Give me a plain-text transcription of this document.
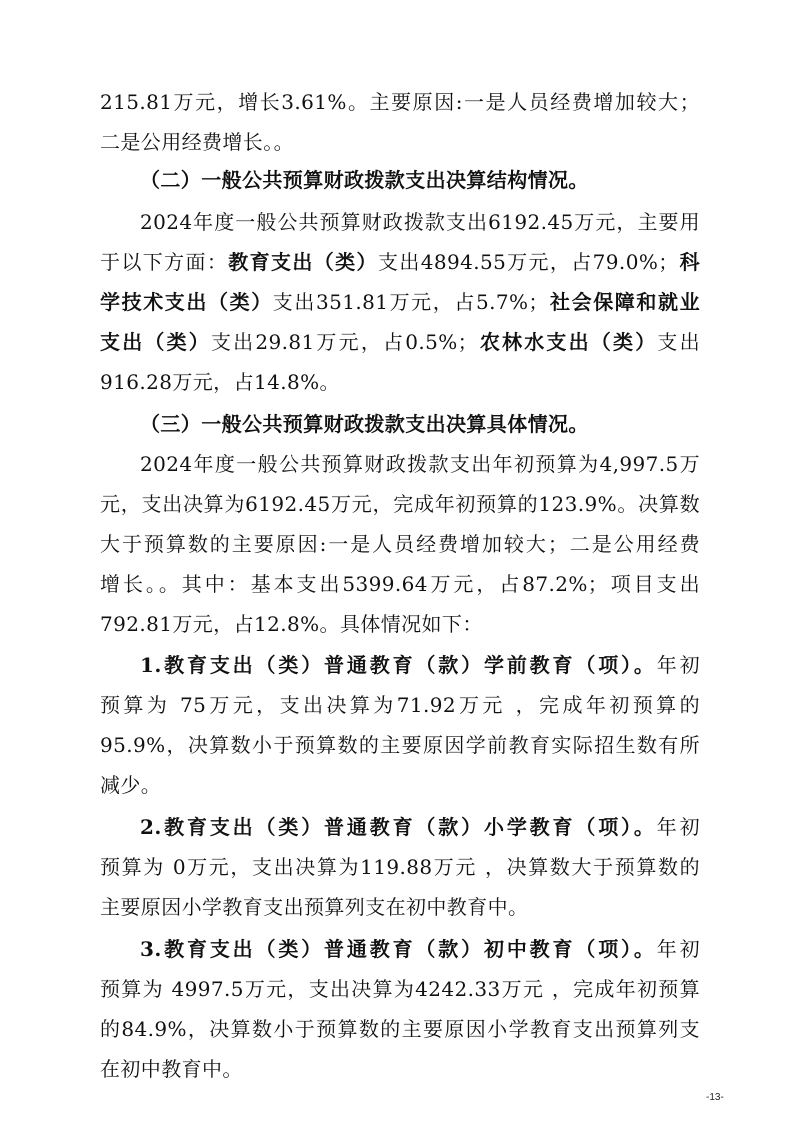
215.81万元，增长3.61%。主要原因:一是人员经费增加较大；
二是公用经费增长。。
（二）一般公共预算财政拨款支出决算结构情况。
2024年度一般公共预算财政拨款支出6192.45万元，主要用
于以下方面：教育支出（类）支出4894.55万元，占79.0%；科
学技术支出（类）支出351.81万元，占5.7%；社会保障和就业
支出（类）支出29.81万元，占0.5%；农林水支出（类）支出
916.28万元，占14.8%。
（三）一般公共预算财政拨款支出决算具体情况。
2024年度一般公共预算财政拨款支出年初预算为4,997.5万
元，支出决算为6192.45万元，完成年初预算的123.9%。决算数
大于预算数的主要原因:一是人员经费增加较大；二是公用经费
增长。。其中：基本支出5399.64万元，占87.2%；项目支出
792.81万元，占12.8%。具体情况如下：
1.教育支出（类）普通教育（款）学前教育（项）。年初
预算为 75万元，支出决算为71.92万元 ，完成年初预算的
95.9%，决算数小于预算数的主要原因学前教育实际招生数有所
减少。
2.教育支出（类）普通教育（款）小学教育（项）。年初
预算为 0万元，支出决算为119.88万元 ，决算数大于预算数的
主要原因小学教育支出预算列支在初中教育中。
3.教育支出（类）普通教育（款）初中教育（项）。年初
预算为 4997.5万元，支出决算为4242.33万元 ，完成年初预算
的84.9%，决算数小于预算数的主要原因小学教育支出预算列支
在初中教育中。
-13-
